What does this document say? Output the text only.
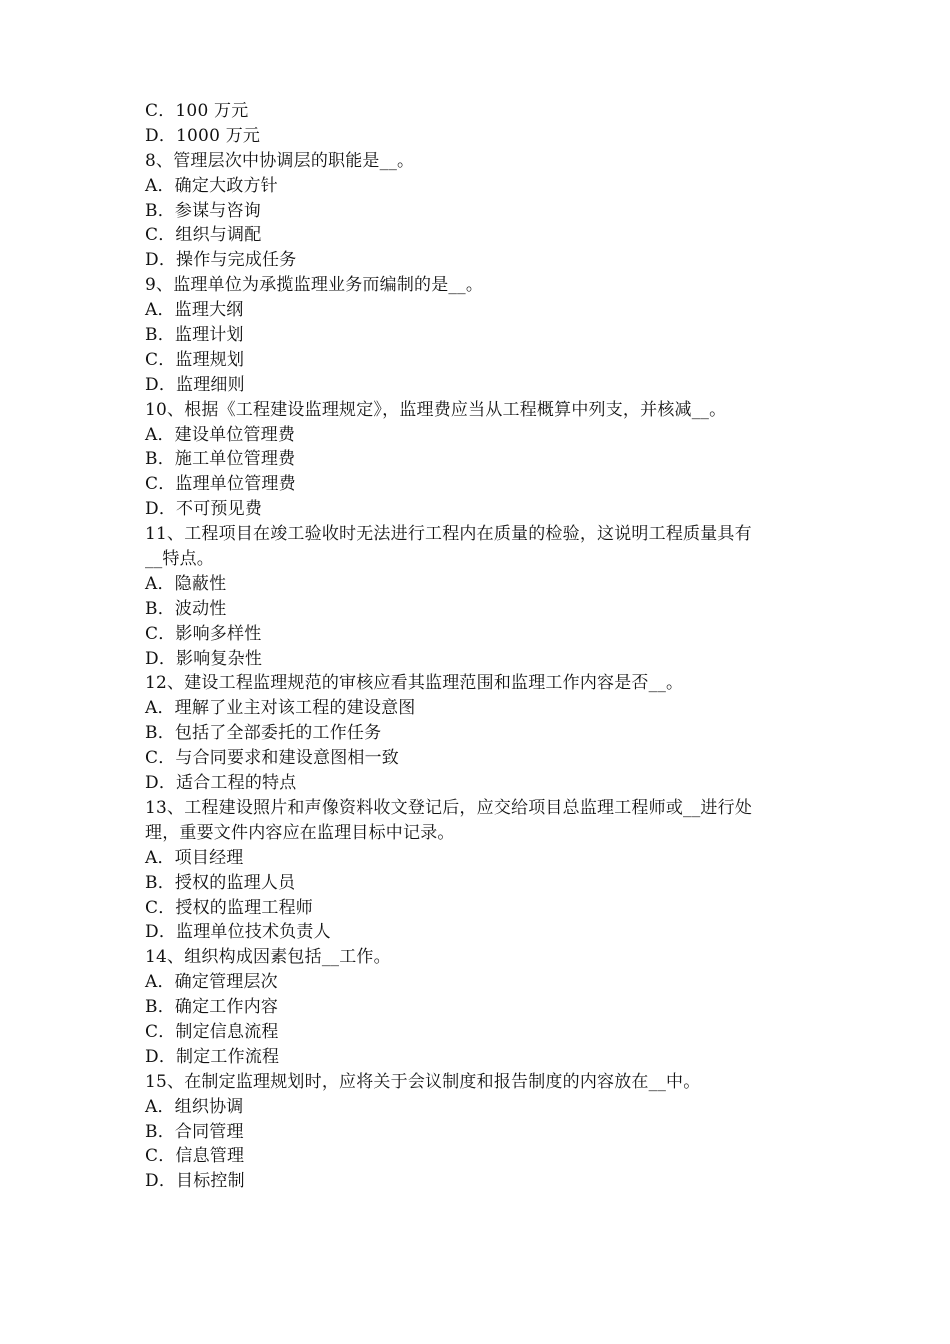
C．100 万元
D．1000 万元
8、管理层次中协调层的职能是__。
A．确定大政方针
B．参谋与咨询
C．组织与调配
D．操作与完成任务
9、监理单位为承揽监理业务而编制的是__。
A．监理大纲
B．监理计划
C．监理规划
D．监理细则
10、根据《工程建设监理规定》，监理费应当从工程概算中列支，并核减__。
A．建设单位管理费
B．施工单位管理费
C．监理单位管理费
D．不可预见费
11、工程项目在竣工验收时无法进行工程内在质量的检验，这说明工程质量具有
__特点。
A．隐蔽性
B．波动性
C．影响多样性
D．影响复杂性
12、建设工程监理规范的审核应看其监理范围和监理工作内容是否__。
A．理解了业主对该工程的建设意图
B．包括了全部委托的工作任务
C．与合同要求和建设意图相一致
D．适合工程的特点
13、工程建设照片和声像资料收文登记后，应交给项目总监理工程师或__进行处
理，重要文件内容应在监理目标中记录。
A．项目经理
B．授权的监理人员
C．授权的监理工程师
D．监理单位技术负责人
14、组织构成因素包括__工作。
A．确定管理层次
B．确定工作内容
C．制定信息流程
D．制定工作流程
15、在制定监理规划时，应将关于会议制度和报告制度的内容放在__中。
A．组织协调
B．合同管理
C．信息管理
D．目标控制
